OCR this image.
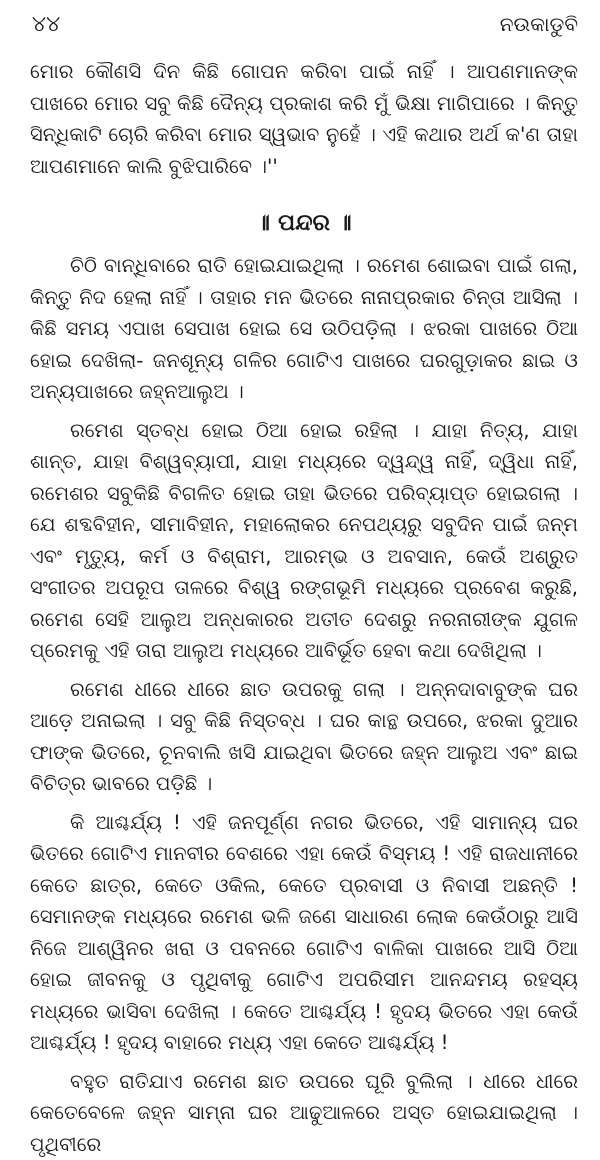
୪୪	ନଉକାଡୁବି

ମୋର କୌଣସି ଦିନ କିଛି ଗୋପନ କରିବା ପାଇଁ ନାହିଁ । ଆପଣମାନଙ୍କ ପାଖରେ ମୋର ସବୁ କିଛି ଦୈନ୍ୟ ପ୍ରକାଶ କରି ମୁଁ ଭିକ୍ଷା ମାଗିପାରେ । କିନ୍ତୁ ସିନ୍ଧିକାଟି ଚୋରି କରିବା ମୋର ସ୍ୱଭାବ ନୁହେଁ । ଏହି କଥାର ଅର୍ଥ କ'ଣ ତାହା ଆପଣମାନେ କାଲି ବୁଝିପାରିବେ ।''

॥ ପନ୍ଦର ॥

ଚିଠି ବାନ୍ଧିବାରେ ରାତି ହୋଇଯାଇଥିଲା । ରମେଶ ଶୋଇବା ପାଇଁ ଗଲା, କିନ୍ତୁ ନିଦ ହେଲା ନାହିଁ । ତାହାର ମନ ଭିତରେ ନାନାପ୍ରକାର ଚିନ୍ତା ଆସିଲା । କିଛି ସମୟ ଏପାଖ ସେପାଖ ହୋଇ ସେ ଉଠିପଡ଼ିଲା । ଝରକା ପାଖରେ ଠିଆ ହୋଇ ଦେଖିଲା- ଜନଶୂନ୍ୟ ଗଳିର ଗୋଟିଏ ପାଖରେ ଘରଗୁଡ଼ାକର ଛାଇ ଓ ଅନ୍ୟପାଖରେ ଜହ୍ନଆଲୁଅ ।

ରମେଶ ସ୍ତବ୍ଧ ହୋଇ ଠିଆ ହୋଇ ରହିଲା । ଯାହା ନିତ୍ୟ, ଯାହା ଶାନ୍ତ, ଯାହା ବିଶ୍ୱବ୍ୟାପୀ, ଯାହା ମଧ୍ୟରେ ଦ୍ୱନ୍ଦ୍ୱ ନାହିଁ, ଦ୍ୱିଧା ନାହିଁ, ରମେଶର ସବୁକିଛି ବିଗଳିତ ହୋଇ ତାହା ଭିତରେ ପରିବ୍ୟାପ୍ତ ହୋଇଗଲା । ଯେ ଶବ୍ଦବିହୀନ, ସୀମାବିହୀନ, ମହାଲୋକର ନେପଥ୍ୟରୁ ସବୁଦିନ ପାଇଁ ଜନ୍ମ ଏବଂ ମୃତ୍ୟୁ, କର୍ମ ଓ ବିଶ୍ରାମ, ଆରମ୍ଭ ଓ ଅବସାନ, କେଉଁ ଅଶ୍ରୁତ ସଂଗୀତର ଅପରୂପ ତାଳରେ ବିଶ୍ୱ ରଙ୍ଗଭୂମି ମଧ୍ୟରେ ପ୍ରବେଶ କରୁଛି, ରମେଶ ସେହି ଆଲୁଅ ଅନ୍ଧକାରର ଅତୀତ ଦେଶରୁ ନରନାରୀଙ୍କ ଯୁଗଳ ପ୍ରେମକୁ ଏହି ତାରା ଆଲୁଅ ମଧ୍ୟରେ ଆବିର୍ଭୂତ ହେବା କଥା ଦେଖିଥିଲା ।

ରମେଶ ଧୀରେ ଧୀରେ ଛାତ ଉପରକୁ ଗଲା । ଅନ୍ନଦାବାବୁଙ୍କ ଘର ଆଡ଼େ ଅନାଇଲା । ସବୁ କିଛି ନିସ୍ତବ୍ଧ । ଘର କାନ୍ଥ ଉପରେ, ଝରକା ଦୁଆର ଫାଙ୍କ ଭିତରେ, ଚୂନବାଲି ଖସି ଯାଇଥିବା ଭିତରେ ଜହ୍ନ ଆଲୁଅ ଏବଂ ଛାଇ ବିଚିତ୍ର ଭାବରେ ପଡ଼ିଛି ।

କି ଆଶ୍ଚର୍ଯ୍ୟ ! ଏହି ଜନପୂର୍ଣ୍ଣ ନଗର ଭିତରେ, ଏହି ସାମାନ୍ୟ ଘର ଭିତରେ ଗୋଟିଏ ମାନବୀର ବେଶରେ ଏହା କେଉଁ ବିସ୍ମୟ ! ଏହି ରାଜଧାନୀରେ କେତେ ଛାତ୍ର, କେତେ ଓକିଲ, କେତେ ପ୍ରବାସୀ ଓ ନିବାସୀ ଅଛନ୍ତି ! ସେମାନଙ୍କ ମଧ୍ୟରେ ରମେଶ ଭଳି ଜଣେ ସାଧାରଣ ଲୋକ କେଉଁଠାରୁ ଆସି ନିଜେ ଆଶ୍ୱିନର ଖରା ଓ ପବନରେ ଗୋଟିଏ ବାଳିକା ପାଖରେ ଆସି ଠିଆ ହୋଇ ଜୀବନକୁ ଓ ପୃଥିବୀକୁ ଗୋଟିଏ ଅପରିସୀମ ଆନନ୍ଦମୟ ରହସ୍ୟ ମଧ୍ୟରେ ଭାସିବା ଦେଖିଲା । କେତେ ଆଶ୍ଚର୍ଯ୍ୟ ! ହୃଦୟ ଭିତରେ ଏହା କେଉଁ ଆଶ୍ଚର୍ଯ୍ୟ ! ହୃଦୟ ବାହାରେ ମଧ୍ୟ ଏହା କେତେ ଆଶ୍ଚର୍ଯ୍ୟ !

ବହୁତ ରାତିଯାଏ ରମେଶ ଛାତ ଉପରେ ଘୂରି ବୁଲିଲା । ଧୀରେ ଧୀରେ କେତେବେଳେ ଜହ୍ନ ସାମ୍ନା ଘର ଆଢୁଆଳରେ ଅସ୍ତ ହୋଇଯାଇଥିଲା । ପୃଥିବୀରେ
